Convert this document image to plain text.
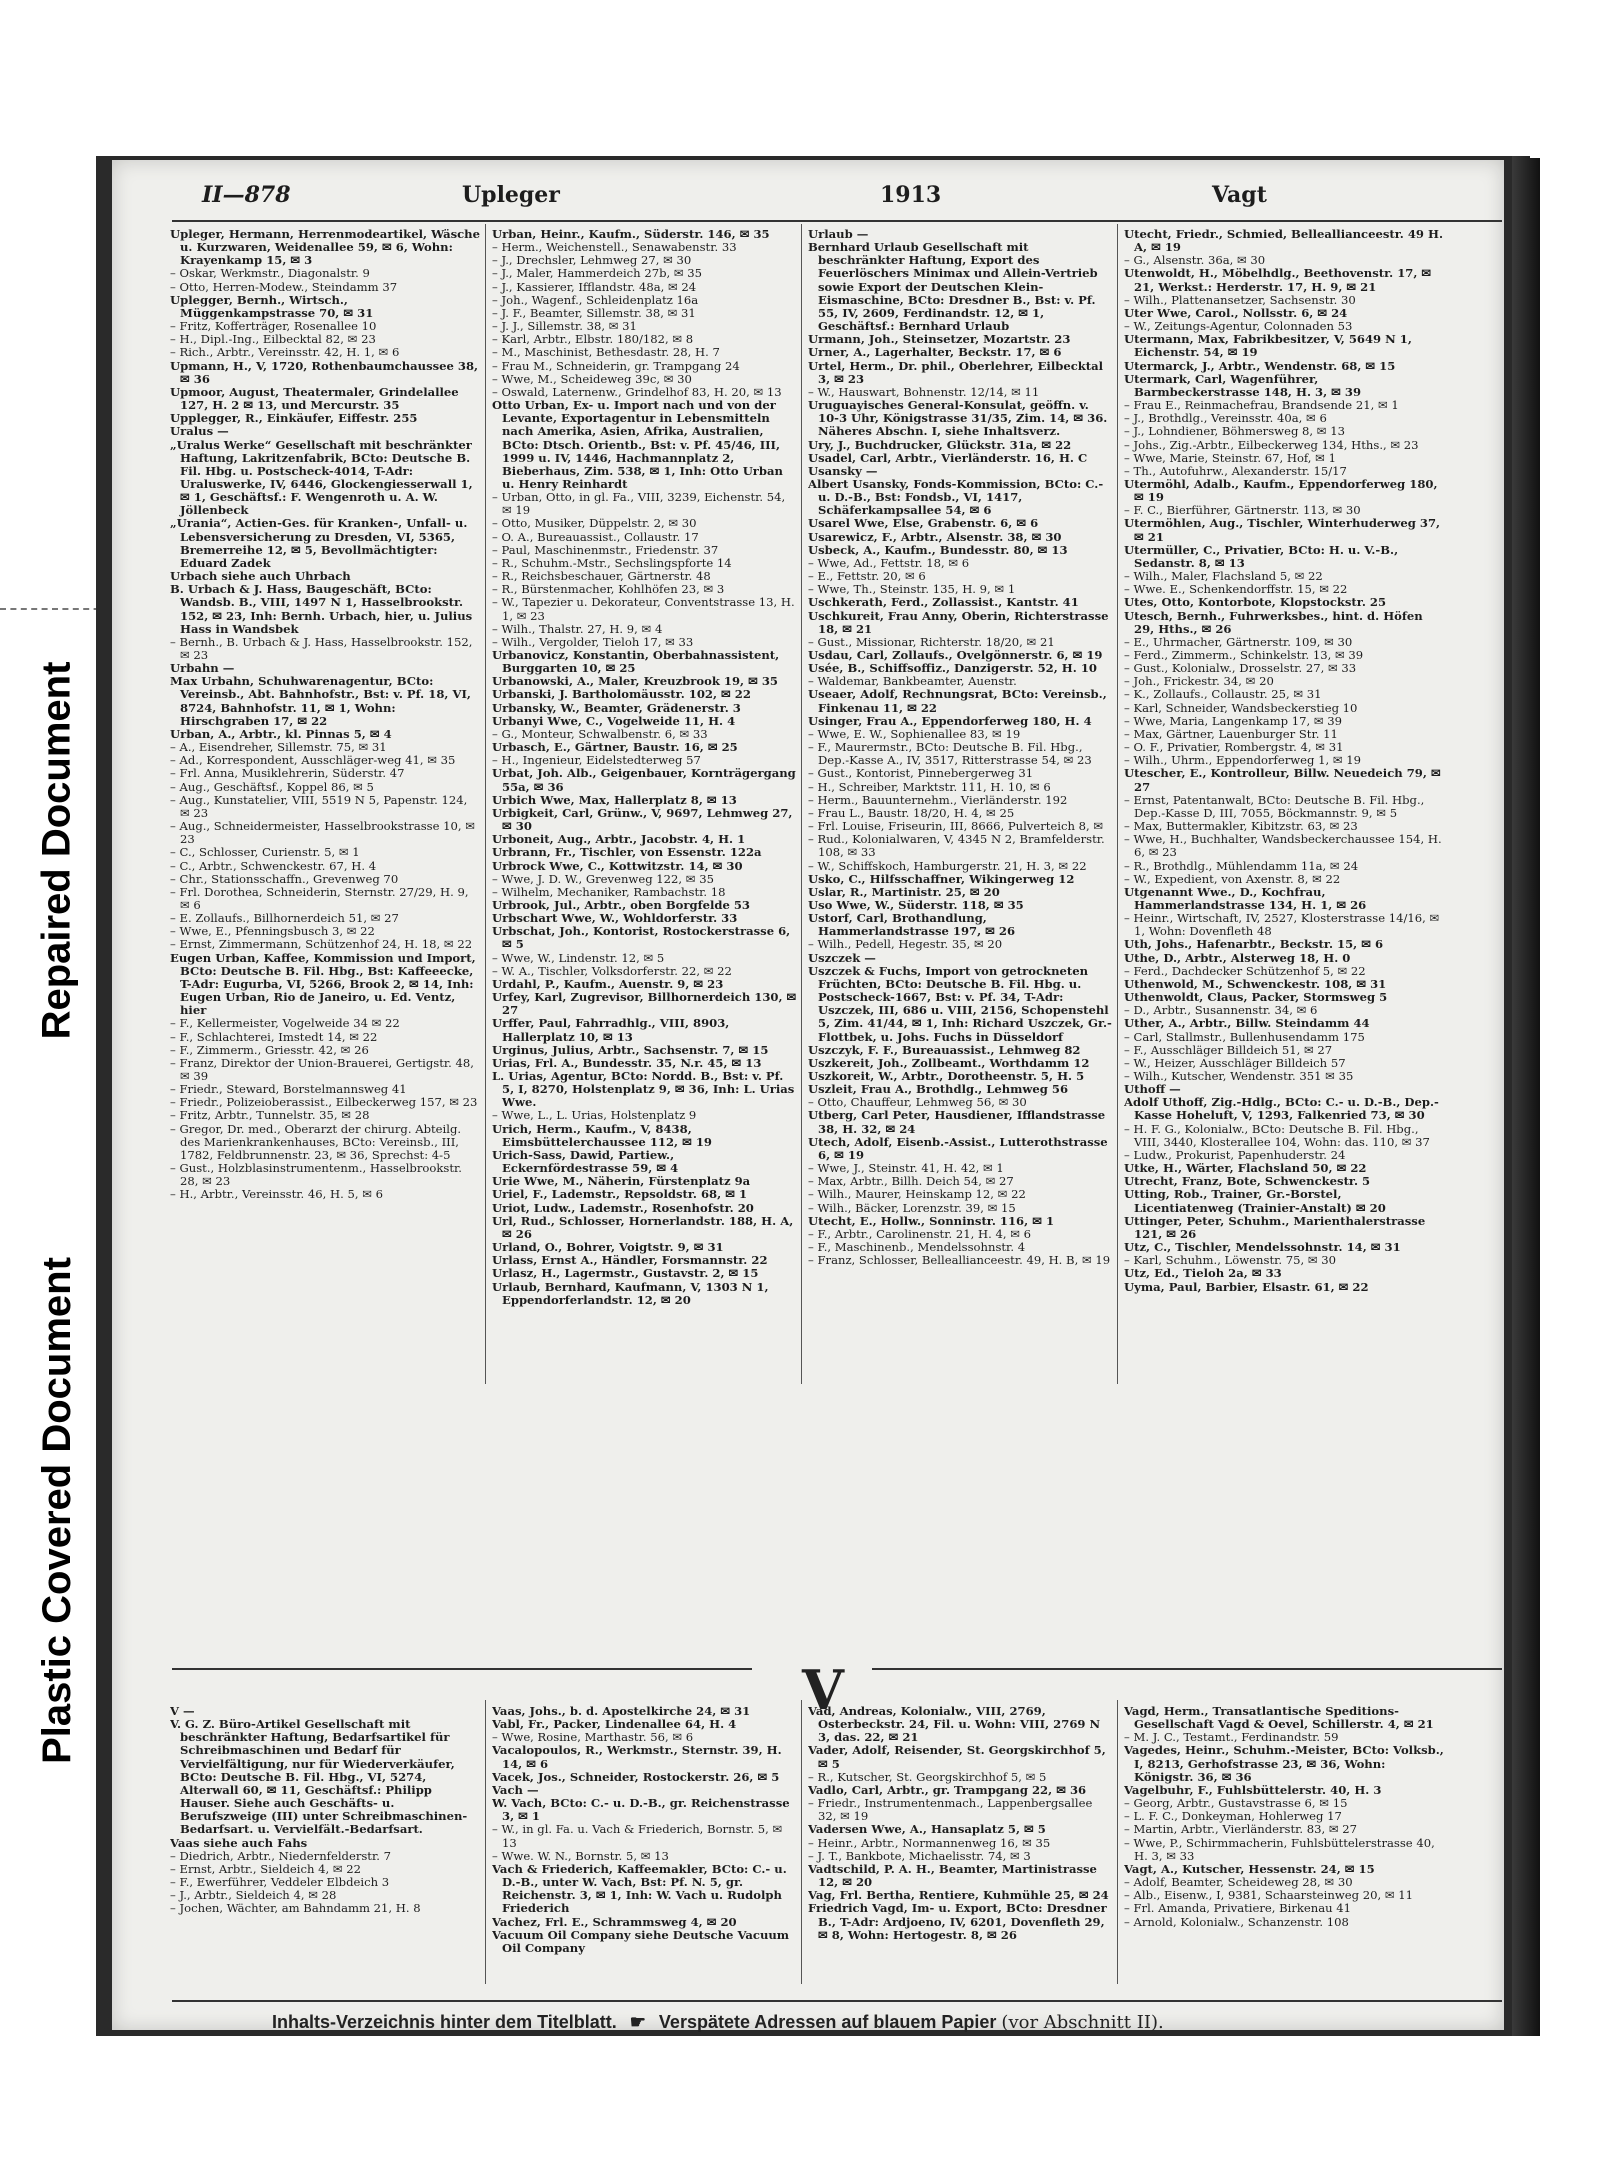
Repaired Document
Plastic Covered Document
II—878	Upleger	1913	Vagt

Upleger, Hermann, Herrenmodeartikel, Wäsche u. Kurzwaren, Weidenallee 59, ✉ 6, Wohn: Krayenkamp 15, ✉ 3

– Oskar, Werkmstr., Diagonalstr. 9

– Otto, Herren-Modew., Steindamm 37

Uplegger, Bernh., Wirtsch., Müggenkampstrasse 70, ✉ 31

– Fritz, Kofferträger, Rosenallee 10

– H., Dipl.-Ing., Eilbecktal 82, ✉ 23

– Rich., Arbtr., Vereinsstr. 42, H. 1, ✉ 6

Upmann, H., V, 1720, Rothenbaumchaussee 38, ✉ 36

Upmoor, August, Theatermaler, Grindelallee 127, H. 2 ✉ 13, und Mercurstr. 35

Upplegger, R., Einkäufer, Eiffestr. 255

Uralus —

„Uralus Werke“ Gesellschaft mit beschränkter Haftung, Lakritzenfabrik, BCto: Deutsche B. Fil. Hbg. u. Postscheck-4014, T-Adr: Uraluswerke, IV, 6446, Glockengiesserwall 1, ✉ 1, Geschäftsf.: F. Wengenroth u. A. W. Jöllenbeck

„Urania“, Actien-Ges. für Kranken-, Unfall- u. Lebensversicherung zu Dresden, VI, 5365, Bremerreihe 12, ✉ 5, Bevollmächtigter: Eduard Zadek

Urbach siehe auch Uhrbach

B. Urbach & J. Hass, Baugeschäft, BCto: Wandsb. B., VIII, 1497 N 1, Hasselbrookstr. 152, ✉ 23, Inh: Bernh. Urbach, hier, u. Julius Hass in Wandsbek

– Bernh., B. Urbach & J. Hass, Hasselbrookstr. 152, ✉ 23

Urbahn —

Max Urbahn, Schuhwarenagentur, BCto: Vereinsb., Abt. Bahnhofstr., Bst: v. Pf. 18, VI, 8724, Bahnhofstr. 11, ✉ 1, Wohn: Hirschgraben 17, ✉ 22

Urban, A., Arbtr., kl. Pinnas 5, ✉ 4

– A., Eisendreher, Sillemstr. 75, ✉ 31

– Ad., Korrespondent, Ausschläger-weg 41, ✉ 35

– Frl. Anna, Musiklehrerin, Süderstr. 47

– Aug., Geschäftsf., Koppel 86, ✉ 5

– Aug., Kunstatelier, VIII, 5519 N 5, Papenstr. 124, ✉ 23

– Aug., Schneidermeister, Hasselbrookstrasse 10, ✉ 23

– C., Schlosser, Curienstr. 5, ✉ 1

– C., Arbtr., Schwenckestr. 67, H. 4

– Chr., Stationsschaffn., Grevenweg 70

– Frl. Dorothea, Schneiderin, Sternstr. 27/29, H. 9, ✉ 6

– E. Zollaufs., Billhornerdeich 51, ✉ 27

– Wwe, E., Pfenningsbusch 3, ✉ 22

– Ernst, Zimmermann, Schützenhof 24, H. 18, ✉ 22

Eugen Urban, Kaffee, Kommission und Import, BCto: Deutsche B. Fil. Hbg., Bst: Kaffeeecke, T-Adr: Eugurba, VI, 5266, Brook 2, ✉ 14, Inh: Eugen Urban, Rio de Janeiro, u. Ed. Ventz, hier

– F., Kellermeister, Vogelweide 34 ✉ 22

– F., Schlachterei, Imstedt 14, ✉ 22

– F., Zimmerm., Griesstr. 42, ✉ 26

– Franz, Direktor der Union-Brauerei, Gertigstr. 48, ✉ 39

– Friedr., Steward, Borstelmannsweg 41

– Friedr., Polizeioberassist., Eilbeckerweg 157, ✉ 23

– Fritz, Arbtr., Tunnelstr. 35, ✉ 28

– Gregor, Dr. med., Oberarzt der chirurg. Abteilg. des Marienkrankenhauses, BCto: Vereinsb., III, 1782, Feldbrunnenstr. 23, ✉ 36, Sprechst: 4-5

– Gust., Holzblasinstrumentenm., Hasselbrookstr. 28, ✉ 23

– H., Arbtr., Vereinsstr. 46, H. 5, ✉ 6

Urban, Heinr., Kaufm., Süderstr. 146, ✉ 35

– Herm., Weichenstell., Senawabenstr. 33

– J., Drechsler, Lehmweg 27, ✉ 30

– J., Maler, Hammerdeich 27b, ✉ 35

– J., Kassierer, Ifflandstr. 48a, ✉ 24

– Joh., Wagenf., Schleidenplatz 16a

– J. F., Beamter, Sillemstr. 38, ✉ 31

– J. J., Sillemstr. 38, ✉ 31

– Karl, Arbtr., Elbstr. 180/182, ✉ 8

– M., Maschinist, Bethesdastr. 28, H. 7

– Frau M., Schneiderin, gr. Trampgang 24

– Wwe, M., Scheideweg 39c, ✉ 30

– Oswald, Laternenw., Grindelhof 83, H. 20, ✉ 13

Otto Urban, Ex- u. Import nach und von der Levante, Exportagentur in Lebensmitteln nach Amerika, Asien, Afrika, Australien, BCto: Dtsch. Orientb., Bst: v. Pf. 45/46, III, 1999 u. IV, 1446, Hachmannplatz 2, Bieberhaus, Zim. 538, ✉ 1, Inh: Otto Urban u. Henry Reinhardt

– Urban, Otto, in gl. Fa., VIII, 3239, Eichenstr. 54, ✉ 19

– Otto, Musiker, Düppelstr. 2, ✉ 30

– O. A., Bureauassist., Collaustr. 17

– Paul, Maschinenmstr., Friedenstr. 37

– R., Schuhm.-Mstr., Sechslingspforte 14

– R., Reichsbeschauer, Gärtnerstr. 48

– R., Bürstenmacher, Kohlhöfen 23, ✉ 3

– W., Tapezier u. Dekorateur, Conventstrasse 13, H. 1, ✉ 23

– Wilh., Thalstr. 27, H. 9, ✉ 4

– Wilh., Vergolder, Tieloh 17, ✉ 33

Urbanovicz, Konstantin, Oberbahnassistent, Burggarten 10, ✉ 25

Urbanowski, A., Maler, Kreuzbrook 19, ✉ 35

Urbanski, J. Bartholomäusstr. 102, ✉ 22

Urbansky, W., Beamter, Grädenerstr. 3

Urbanyi Wwe, C., Vogelweide 11, H. 4

– G., Monteur, Schwalbenstr. 6, ✉ 33

Urbasch, E., Gärtner, Baustr. 16, ✉ 25

– H., Ingenieur, Eidelstedterweg 57

Urbat, Joh. Alb., Geigenbauer, Kornträgergang 55a, ✉ 36

Urbich Wwe, Max, Hallerplatz 8, ✉ 13

Urbigkeit, Carl, Grünw., V, 9697, Lehmweg 27, ✉ 30

Urboneit, Aug., Arbtr., Jacobstr. 4, H. 1

Urbrann, Fr., Tischler, von Essenstr. 122a

Urbrock Wwe, C., Kottwitzstr. 14, ✉ 30

– Wwe, J. D. W., Grevenweg 122, ✉ 35

– Wilhelm, Mechaniker, Rambachstr. 18

Urbrook, Jul., Arbtr., oben Borgfelde 53

Urbschart Wwe, W., Wohldorferstr. 33

Urbschat, Joh., Kontorist, Rostockerstrasse 6, ✉ 5

– Wwe, W., Lindenstr. 12, ✉ 5

– W. A., Tischler, Volksdorferstr. 22, ✉ 22

Urdahl, P., Kaufm., Auenstr. 9, ✉ 23

Urfey, Karl, Zugrevisor, Billhornerdeich 130, ✉ 27

Urffer, Paul, Fahrradhlg., VIII, 8903, Hallerplatz 10, ✉ 13

Urginus, Julius, Arbtr., Sachsenstr. 7, ✉ 15

Urias, Frl. A., Bundesstr. 35, N.r. 45, ✉ 13

L. Urias, Agentur, BCto: Nordd. B., Bst: v. Pf. 5, I, 8270, Holstenplatz 9, ✉ 36, Inh: L. Urias Wwe.

– Wwe, L., L. Urias, Holstenplatz 9

Urich, Herm., Kaufm., V, 8438, Eimsbüttelerchaussee 112, ✉ 19

Urich-Sass, Dawid, Partiew., Eckernfördestrasse 59, ✉ 4

Urie Wwe, M., Näherin, Fürstenplatz 9a

Uriel, F., Lademstr., Repsoldstr. 68, ✉ 1

Uriot, Ludw., Lademstr., Rosenhofstr. 20

Url, Rud., Schlosser, Hornerlandstr. 188, H. A, ✉ 26

Urland, O., Bohrer, Voigtstr. 9, ✉ 31

Urlass, Ernst A., Händler, Forsmannstr. 22

Urlasz, H., Lagermstr., Gustavstr. 2, ✉ 15

Urlaub, Bernhard, Kaufmann, V, 1303 N 1, Eppendorferlandstr. 12, ✉ 20

Urlaub —

Bernhard Urlaub Gesellschaft mit beschränkter Haftung, Export des Feuerlöschers Minimax und Allein-Vertrieb sowie Export der Deutschen Klein-Eismaschine, BCto: Dresdner B., Bst: v. Pf. 55, IV, 2609, Ferdinandstr. 12, ✉ 1, Geschäftsf.: Bernhard Urlaub

Urmann, Joh., Steinsetzer, Mozartstr. 23

Urner, A., Lagerhalter, Beckstr. 17, ✉ 6

Urtel, Herm., Dr. phil., Oberlehrer, Eilbecktal 3, ✉ 23

– W., Hauswart, Bohnenstr. 12/14, ✉ 11

Uruguayisches General-Konsulat, geöffn. v. 10-3 Uhr, Königstrasse 31/35, Zim. 14, ✉ 36. Näheres Abschn. I, siehe Inhaltsverz.

Ury, J., Buchdrucker, Glückstr. 31a, ✉ 22

Usadel, Carl, Arbtr., Vierländerstr. 16, H. C

Usansky —

Albert Usansky, Fonds-Kommission, BCto: C.- u. D.-B., Bst: Fondsb., VI, 1417, Schäferkampsallee 54, ✉ 6

Usarel Wwe, Else, Grabenstr. 6, ✉ 6

Usarewicz, F., Arbtr., Alsenstr. 38, ✉ 30

Usbeck, A., Kaufm., Bundesstr. 80, ✉ 13

– Wwe, Ad., Fettstr. 18, ✉ 6

– E., Fettstr. 20, ✉ 6

– Wwe, Th., Steinstr. 135, H. 9, ✉ 1

Uschkerath, Ferd., Zollassist., Kantstr. 41

Uschkureit, Frau Anny, Oberin, Richterstrasse 18, ✉ 21

– Gust., Missionar, Richterstr. 18/20, ✉ 21

Usdau, Carl, Zollaufs., Ovelgönnerstr. 6, ✉ 19

Usée, B., Schiffsoffiz., Danzigerstr. 52, H. 10

– Waldemar, Bankbeamter, Auenstr.

Useaer, Adolf, Rechnungsrat, BCto: Vereinsb., Finkenau 11, ✉ 22

Usinger, Frau A., Eppendorferweg 180, H. 4

– Wwe, E. W., Sophienallee 83, ✉ 19

– F., Maurermstr., BCto: Deutsche B. Fil. Hbg., Dep.-Kasse A., IV, 3517, Ritterstrasse 54, ✉ 23

– Gust., Kontorist, Pinnebergerweg 31

– H., Schreiber, Marktstr. 111, H. 10, ✉ 6

– Herm., Bauunternehm., Vierländerstr. 192

– Frau L., Baustr. 18/20, H. 4, ✉ 25

– Frl. Louise, Friseurin, III, 8666, Pulverteich 8, ✉

– Rud., Kolonialwaren, V, 4345 N 2, Bramfelderstr. 108, ✉ 33

– W., Schiffskoch, Hamburgerstr. 21, H. 3, ✉ 22

Usko, C., Hilfsschaffner, Wikingerweg 12

Uslar, R., Martinistr. 25, ✉ 20

Uso Wwe, W., Süderstr. 118, ✉ 35

Ustorf, Carl, Brothandlung, Hammerlandstrasse 197, ✉ 26

– Wilh., Pedell, Hegestr. 35, ✉ 20

Uszczek —

Uszczek & Fuchs, Import von getrockneten Früchten, BCto: Deutsche B. Fil. Hbg. u. Postscheck-1667, Bst: v. Pf. 34, T-Adr: Uszczek, III, 686 u. VIII, 2156, Schopenstehl 5, Zim. 41/44, ✉ 1, Inh: Richard Uszczek, Gr.-Flottbek, u. Johs. Fuchs in Düsseldorf

Uszczyk, F. F., Bureauassist., Lehmweg 82

Uszkereit, Joh., Zollbeamt., Worthdamm 12

Uszkoreit, W., Arbtr., Dorotheenstr. 5, H. 5

Uszleit, Frau A., Brothdlg., Lehmweg 56

– Otto, Chauffeur, Lehmweg 56, ✉ 30

Utberg, Carl Peter, Hausdiener, Ifflandstrasse 38, H. 32, ✉ 24

Utech, Adolf, Eisenb.-Assist., Lutterothstrasse 6, ✉ 19

– Wwe, J., Steinstr. 41, H. 42, ✉ 1

– Max, Arbtr., Billh. Deich 54, ✉ 27

– Wilh., Maurer, Heinskamp 12, ✉ 22

– Wilh., Bäcker, Lorenzstr. 39, ✉ 15

Utecht, E., Hollw., Sonninstr. 116, ✉ 1

– F., Arbtr., Carolinenstr. 21, H. 4, ✉ 6

– F., Maschinenb., Mendelssohnstr. 4

– Franz, Schlosser, Belleallianceestr. 49, H. B, ✉ 19

Utecht, Friedr., Schmied, Belleallianceestr. 49 H. A, ✉ 19

– G., Alsenstr. 36a, ✉ 30

Utenwoldt, H., Möbelhdlg., Beethovenstr. 17, ✉ 21, Werkst.: Herderstr. 17, H. 9, ✉ 21

– Wilh., Plattenansetzer, Sachsenstr. 30

Uter Wwe, Carol., Nollsstr. 6, ✉ 24

– W., Zeitungs-Agentur, Colonnaden 53

Utermann, Max, Fabrikbesitzer, V, 5649 N 1, Eichenstr. 54, ✉ 19

Utermarck, J., Arbtr., Wendenstr. 68, ✉ 15

Utermark, Carl, Wagenführer, Barmbeckerstrasse 148, H. 3, ✉ 39

– Frau E., Reinmachefrau, Brandsende 21, ✉ 1

– J., Brothdlg., Vereinsstr. 40a, ✉ 6

– J., Lohndiener, Böhmersweg 8, ✉ 13

– Johs., Zig.-Arbtr., Eilbeckerweg 134, Hths., ✉ 23

– Wwe, Marie, Steinstr. 67, Hof, ✉ 1

– Th., Autofuhrw., Alexanderstr. 15/17

Utermöhl, Adalb., Kaufm., Eppendorferweg 180, ✉ 19

– F. C., Bierführer, Gärtnerstr. 113, ✉ 30

Utermöhlen, Aug., Tischler, Winterhuderweg 37, ✉ 21

Utermüller, C., Privatier, BCto: H. u. V.-B., Sedanstr. 8, ✉ 13

– Wilh., Maler, Flachsland 5, ✉ 22

– Wwe. E., Schenkendorffstr. 15, ✉ 22

Utes, Otto, Kontorbote, Klopstockstr. 25

Utesch, Bernh., Fuhrwerksbes., hint. d. Höfen 29, Hths., ✉ 26

– E., Uhrmacher, Gärtnerstr. 109, ✉ 30

– Ferd., Zimmerm., Schinkelstr. 13, ✉ 39

– Gust., Kolonialw., Drosselstr. 27, ✉ 33

– Joh., Frickestr. 34, ✉ 20

– K., Zollaufs., Collaustr. 25, ✉ 31

– Karl, Schneider, Wandsbeckerstieg 10

– Wwe, Maria, Langenkamp 17, ✉ 39

– Max, Gärtner, Lauenburger Str. 11

– O. F., Privatier, Rombergstr. 4, ✉ 31

– Wilh., Uhrm., Eppendorferweg 1, ✉ 19

Utescher, E., Kontrolleur, Billw. Neuedeich 79, ✉ 27

– Ernst, Patentanwalt, BCto: Deutsche B. Fil. Hbg., Dep.-Kasse D, III, 7055, Böckmannstr. 9, ✉ 5

– Max, Buttermakler, Kibitzstr. 63, ✉ 23

– Wwe, H., Buchhalter, Wandsbeckerchaussee 154, H. 6, ✉ 23

– R., Brothdlg., Mühlendamm 11a, ✉ 24

– W., Expedient, von Axenstr. 8, ✉ 22

Utgenannt Wwe., D., Kochfrau, Hammerlandstrasse 134, H. 1, ✉ 26

– Heinr., Wirtschaft, IV, 2527, Klosterstrasse 14/16, ✉ 1, Wohn: Dovenfleth 48

Uth, Johs., Hafenarbtr., Beckstr. 15, ✉ 6

Uthe, D., Arbtr., Alsterweg 18, H. 0

– Ferd., Dachdecker Schützenhof 5, ✉ 22

Uthenwold, M., Schwenckestr. 108, ✉ 31

Uthenwoldt, Claus, Packer, Stormsweg 5

– D., Arbtr., Susannenstr. 34, ✉ 6

Uther, A., Arbtr., Billw. Steindamm 44

– Carl, Stallmstr., Bullenhusendamm 175

– F., Ausschläger Billdeich 51, ✉ 27

– W., Heizer, Ausschläger Billdeich 57

– Wilh., Kutscher, Wendenstr. 351 ✉ 35

Uthoff —

Adolf Uthoff, Zig.-Hdlg., BCto: C.- u. D.-B., Dep.-Kasse Hoheluft, V, 1293, Falkenried 73, ✉ 30

– H. F. G., Kolonialw., BCto: Deutsche B. Fil. Hbg., VIII, 3440, Klosterallee 104, Wohn: das. 110, ✉ 37

– Ludw., Prokurist, Papenhuderstr. 24

Utke, H., Wärter, Flachsland 50, ✉ 22

Utrecht, Franz, Bote, Schwenckestr. 5

Utting, Rob., Trainer, Gr.-Borstel, Licentiatenweg (Trainier-Anstalt) ✉ 20

Uttinger, Peter, Schuhm., Marienthalerstrasse 121, ✉ 26

Utz, C., Tischler, Mendelssohnstr. 14, ✉ 31

– Karl, Schuhm., Löwenstr. 75, ✉ 30

Utz, Ed., Tieloh 2a, ✉ 33

Uyma, Paul, Barbier, Elsastr. 61, ✉ 22

V

V —

V. G. Z. Büro-Artikel Gesellschaft mit beschränkter Haftung, Bedarfsartikel für Schreibmaschinen und Bedarf für Vervielfältigung, nur für Wiederverkäufer, BCto: Deutsche B. Fil. Hbg., VI, 5274, Alterwall 60, ✉ 11, Geschäftsf.: Philipp Hauser. Siehe auch Geschäfts- u. Berufszweige (III) unter Schreibmaschinen-Bedarfsart. u. Vervielfält.-Bedarfsart.

Vaas siehe auch Fahs

– Diedrich, Arbtr., Niedernfelderstr. 7

– Ernst, Arbtr., Sieldeich 4, ✉ 22

– F., Ewerführer, Veddeler Elbdeich 3

– J., Arbtr., Sieldeich 4, ✉ 28

– Jochen, Wächter, am Bahndamm 21, H. 8

Vaas, Johs., b. d. Apostelkirche 24, ✉ 31

Vabl, Fr., Packer, Lindenallee 64, H. 4

– Wwe, Rosine, Marthastr. 56, ✉ 6

Vacalopoulos, R., Werkmstr., Sternstr. 39, H. 14, ✉ 6

Vacek, Jos., Schneider, Rostockerstr. 26, ✉ 5

Vach —

W. Vach, BCto: C.- u. D.-B., gr. Reichenstrasse 3, ✉ 1

– W., in gl. Fa. u. Vach & Friederich, Bornstr. 5, ✉ 13

– Wwe. W. N., Bornstr. 5, ✉ 13

Vach & Friederich, Kaffeemakler, BCto: C.- u. D.-B., unter W. Vach, Bst: Pf. N. 5, gr. Reichenstr. 3, ✉ 1, Inh: W. Vach u. Rudolph Friederich

Vachez, Frl. E., Schrammsweg 4, ✉ 20

Vacuum Oil Company siehe Deutsche Vacuum Oil Company

Vad, Andreas, Kolonialw., VIII, 2769, Osterbeckstr. 24, Fil. u. Wohn: VIII, 2769 N 3, das. 22, ✉ 21

Vader, Adolf, Reisender, St. Georgskirchhof 5, ✉ 5

– R., Kutscher, St. Georgskirchhof 5, ✉ 5

Vadlo, Carl, Arbtr., gr. Trampgang 22, ✉ 36

– Friedr., Instrumentenmach., Lappenbergsallee 32, ✉ 19

Vadersen Wwe, A., Hansaplatz 5, ✉ 5

– Heinr., Arbtr., Normannenweg 16, ✉ 35

– J. T., Bankbote, Michaelisstr. 74, ✉ 3

Vadtschild, P. A. H., Beamter, Martinistrasse 12, ✉ 20

Vag, Frl. Bertha, Rentiere, Kuhmühle 25, ✉ 24

Friedrich Vagd, Im- u. Export, BCto: Dresdner B., T-Adr: Ardjoeno, IV, 6201, Dovenfleth 29, ✉ 8, Wohn: Hertogestr. 8, ✉ 26

Vagd, Herm., Transatlantische Speditions-Gesellschaft Vagd & Oevel, Schillerstr. 4, ✉ 21

– M. J. C., Testamt., Ferdinandstr. 59

Vagedes, Heinr., Schuhm.-Meister, BCto: Volksb., I, 8213, Gerhofstrasse 23, ✉ 36, Wohn: Königstr. 36, ✉ 36

Vagelbuhr, F., Fuhlsbüttelerstr. 40, H. 3

– Georg, Arbtr., Gustavstrasse 6, ✉ 15

– L. F. C., Donkeyman, Hohlerweg 17

– Martin, Arbtr., Vierländerstr. 83, ✉ 27

– Wwe, P., Schirmmacherin, Fuhlsbüttelerstrasse 40, H. 3, ✉ 33

Vagt, A., Kutscher, Hessenstr. 24, ✉ 15

– Adolf, Beamter, Scheideweg 28, ✉ 30

– Alb., Eisenw., I, 9381, Schaarsteinweg 20, ✉ 11

– Frl. Amanda, Privatiere, Birkenau 41

– Arnold, Kolonialw., Schanzenstr. 108

Inhalts-Verzeichnis hinter dem Titelblatt. ☛ Verspätete Adressen auf blauem Papier (vor Abschnitt II).
